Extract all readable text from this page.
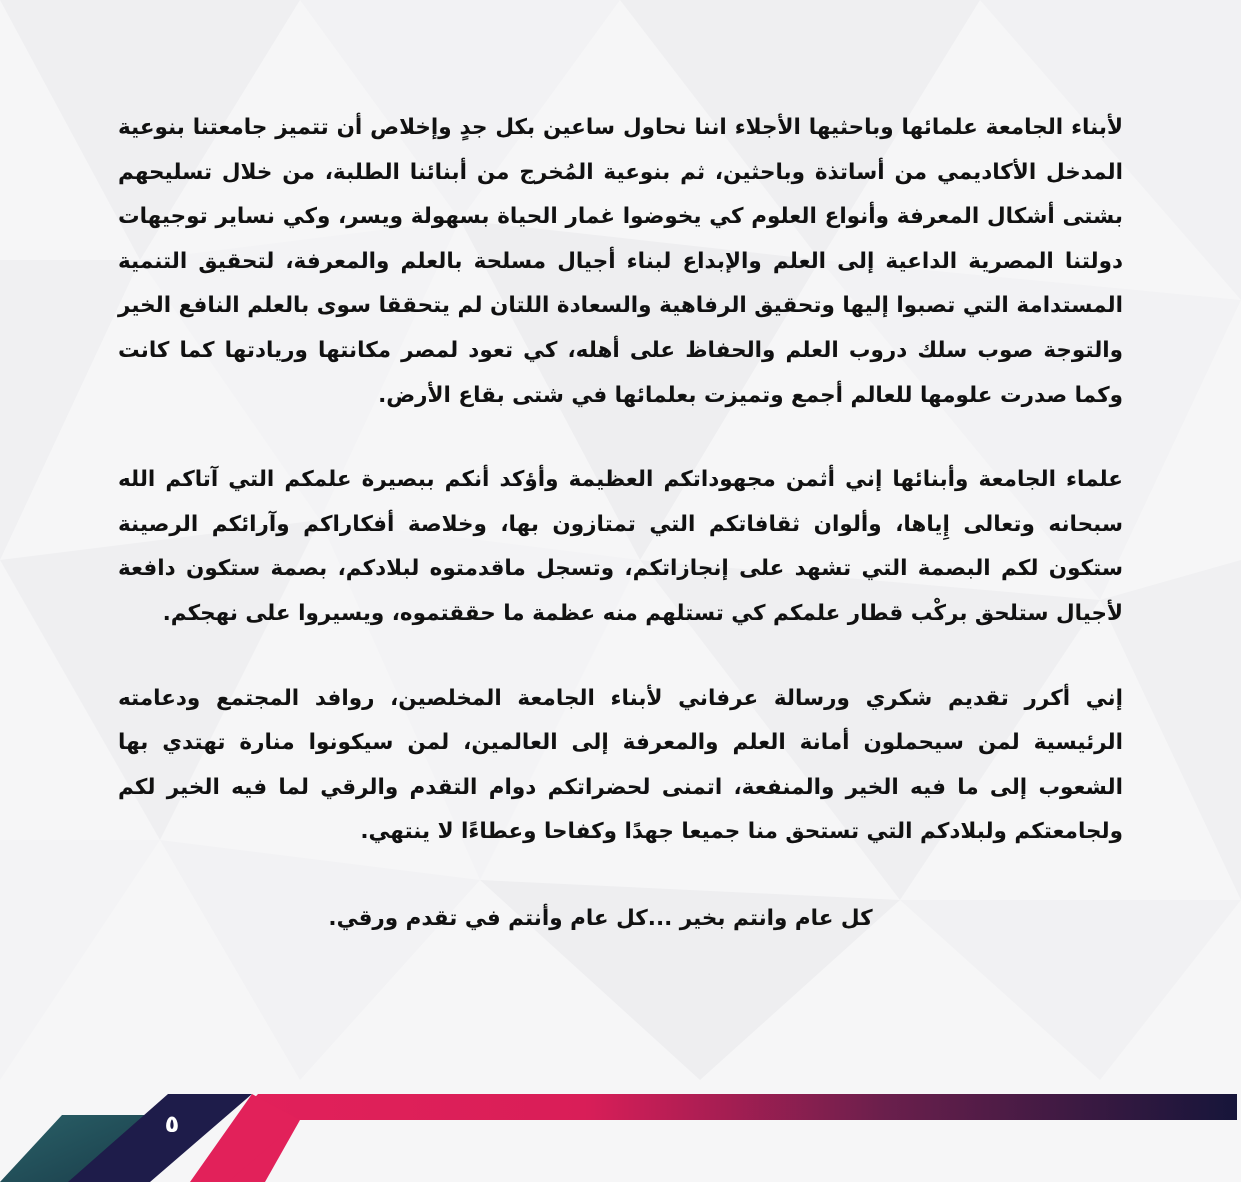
لأبناء الجامعة علمائها وباحثيها الأجلاء اننا نحاول ساعين بكل جدٍ وإخلاص أن تتميز جامعتنا بنوعية المدخل الأكاديمي من أساتذة وباحثين، ثم بنوعية المُخرج من أبنائنا الطلبة، من خلال تسليحهم بشتى أشكال المعرفة وأنواع العلوم كي يخوضوا غمار الحياة بسهولة ويسر، وكي نساير توجيهات دولتنا المصرية الداعية إلى العلم والإبداع لبناء أجيال مسلحة بالعلم والمعرفة، لتحقيق التنمية المستدامة التي تصبوا إليها وتحقيق الرفاهية والسعادة اللتان لم يتحققا سوى بالعلم النافع الخير والتوجة صوب سلك دروب العلم والحفاظ على أهله، كي تعود لمصر مكانتها وريادتها كما كانت وكما صدرت علومها للعالم أجمع وتميزت بعلمائها في شتى بقاع الأرض.

علماء الجامعة وأبنائها إني أثمن مجهوداتكم العظيمة وأؤكد أنكم ببصيرة علمكم التي آتاكم الله سبحانه وتعالى إِياها، وألوان ثقافاتكم التي تمتازون بها، وخلاصة أفكاراكم وآرائكم الرصينة ستكون لكم البصمة التي تشهد على إنجازاتكم، وتسجل ماقدمتوه لبلادكم، بصمة ستكون دافعة لأجيال ستلحق بركْب قطار علمكم كي تستلهم منه عظمة ما حققتموه، ويسيروا على نهجكم.

إني أكرر تقديم شكري ورسالة عرفاني لأبناء الجامعة المخلصين، روافد المجتمع ودعامته الرئيسية لمن سيحملون أمانة العلم والمعرفة إلى العالمين، لمن سيكونوا منارة تهتدي بها الشعوب إلى ما فيه الخير والمنفعة، اتمنى لحضراتكم دوام التقدم والرقي لما فيه الخير لكم ولجامعتكم ولبلادكم التي تستحق منا جميعا جهدًا وكفاحا وعطاءًا لا ينتهي.

كل عام وانتم بخير ...كل عام وأنتم في تقدم ورقي.

٥
